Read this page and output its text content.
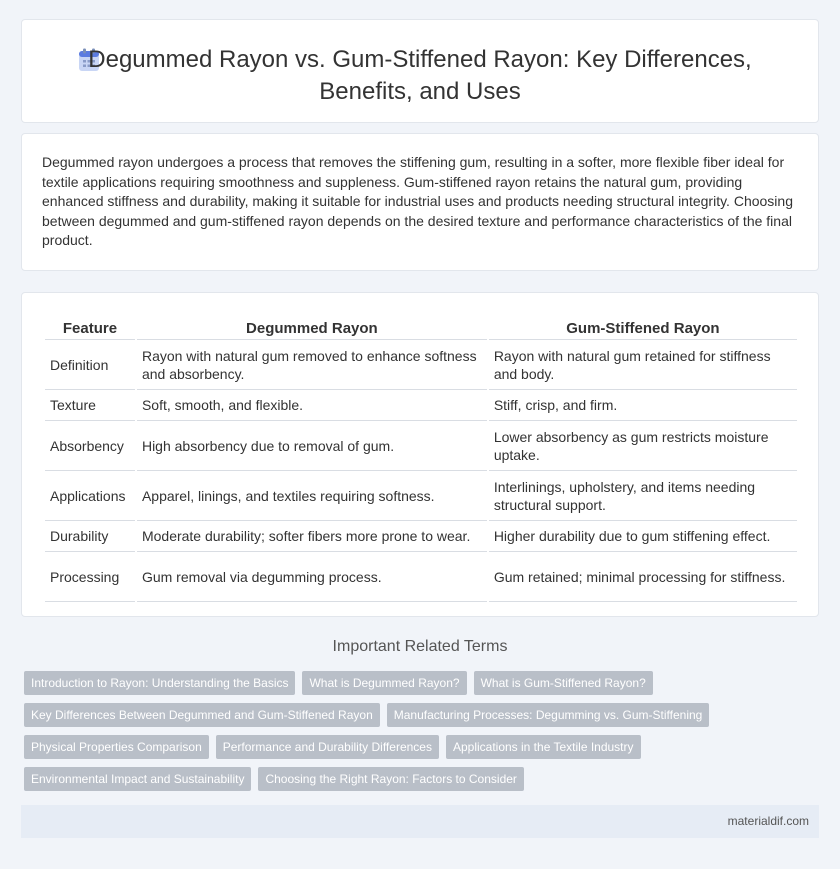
Degummed Rayon vs. Gum-Stiffened Rayon: Key Differences, Benefits, and Uses

Degummed rayon undergoes a process that removes the stiffening gum, resulting in a softer, more flexible fiber ideal for textile applications requiring smoothness and suppleness. Gum-stiffened rayon retains the natural gum, providing enhanced stiffness and durability, making it suitable for industrial uses and products needing structural integrity. Choosing between degummed and gum-stiffened rayon depends on the desired texture and performance characteristics of the final product.

Feature	Degummed Rayon	Gum-Stiffened Rayon
Definition	Rayon with natural gum removed to enhance softness and absorbency.	Rayon with natural gum retained for stiffness and body.
Texture	Soft, smooth, and flexible.	Stiff, crisp, and firm.
Absorbency	High absorbency due to removal of gum.	Lower absorbency as gum restricts moisture uptake.
Applications	Apparel, linings, and textiles requiring softness.	Interlinings, upholstery, and items needing structural support.
Durability	Moderate durability; softer fibers more prone to wear.	Higher durability due to gum stiffening effect.
Processing	Gum removal via degumming process.	Gum retained; minimal processing for stiffness.
Important Related Terms
Introduction to Rayon: Understanding the Basics	What is Degummed Rayon?	What is Gum-Stiffened Rayon?
Key Differences Between Degummed and Gum-Stiffened Rayon	Manufacturing Processes: Degumming vs. Gum-Stiffening
Physical Properties Comparison	Performance and Durability Differences	Applications in the Textile Industry
Environmental Impact and Sustainability	Choosing the Right Rayon: Factors to Consider
materialdif.com
